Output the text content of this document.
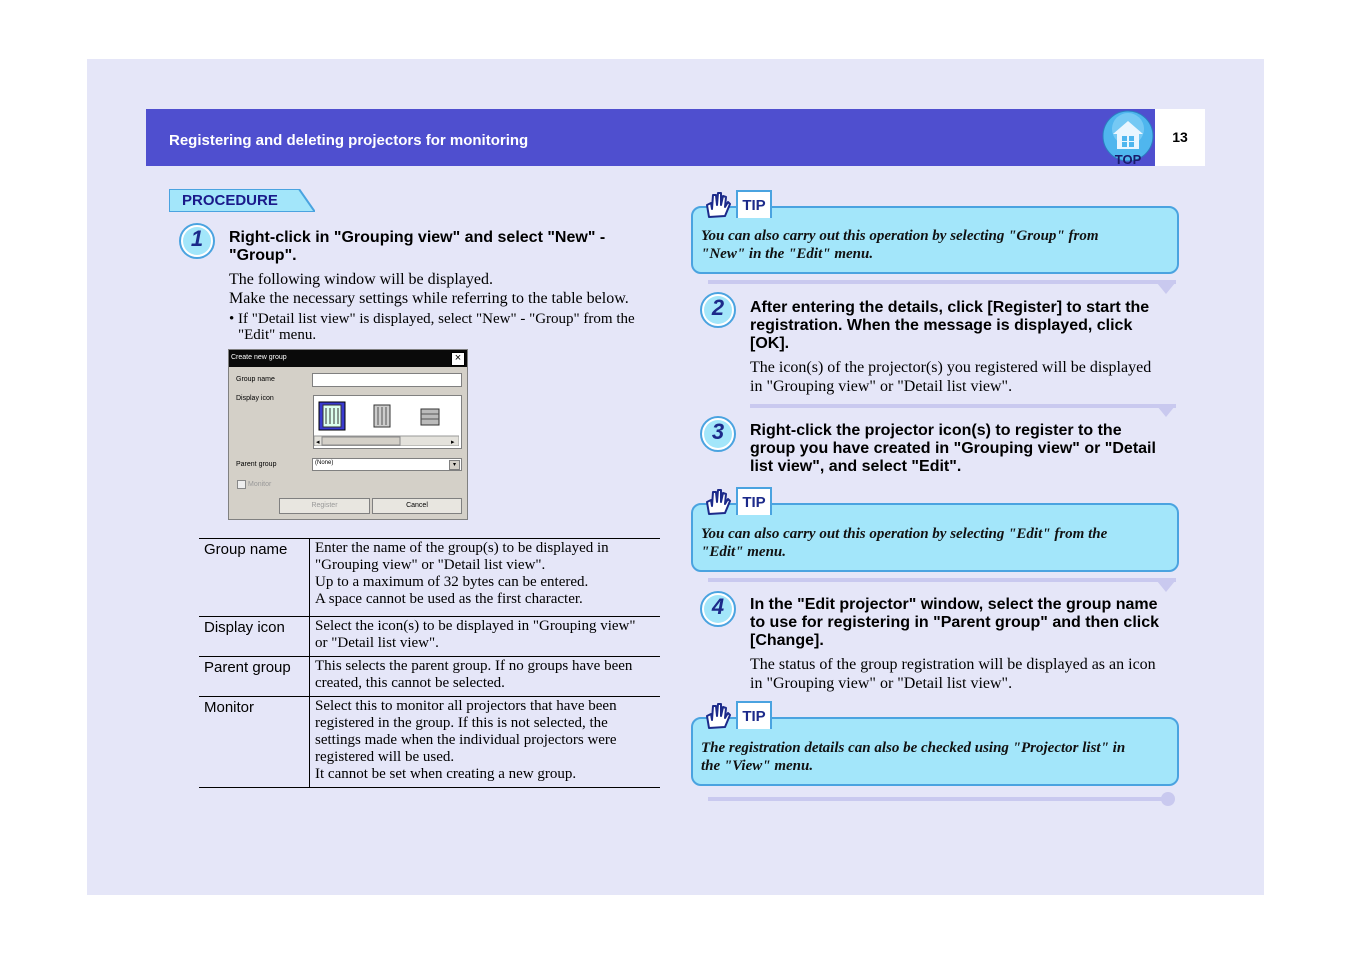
Registering and deleting projectors for monitoring	13
TOP
PROCEDURE
1	Right-click in "Grouping view" and select "New" -
"Group".
The following window will be displayed.
Make the necessary settings while referring to the table below.
• If "Detail list view" is displayed, select "New" - "Group" from the
"Edit" menu.
Create new group	×
Group name
Display icon
◂	▸
Parent group	(None)	▾
Monitor
Register	Cancel
Group name	Enter the name of the group(s) to be displayed in
"Grouping view" or "Detail list view".
Up to a maximum of 32 bytes can be entered.
A space cannot be used as the first character.

Display icon	Select the icon(s) to be displayed in "Grouping view"
or "Detail list view".

Parent group	This selects the parent group. If no groups have been
created, this cannot be selected.

Monitor	Select this to monitor all projectors that have been
registered in the group. If this is not selected, the
settings made when the individual projectors were
registered will be used.
It cannot be set when creating a new group.
TIP
You can also carry out this operation by selecting "Group" from
"New" in the "Edit" menu.
2	After entering the details, click [Register] to start the
registration. When the message is displayed, click
[OK].
The icon(s) of the projector(s) you registered will be displayed
in "Grouping view" or "Detail list view".
3	Right-click the projector icon(s) to register to the
group you have created in "Grouping view" or "Detail
list view", and select "Edit".
TIP
You can also carry out this operation by selecting "Edit" from the
"Edit" menu.
4	In the "Edit projector" window, select the group name
to use for registering in "Parent group" and then click
[Change].
The status of the group registration will be displayed as an icon
in "Grouping view" or "Detail list view".
TIP
The registration details can also be checked using "Projector list" in
the "View" menu.
